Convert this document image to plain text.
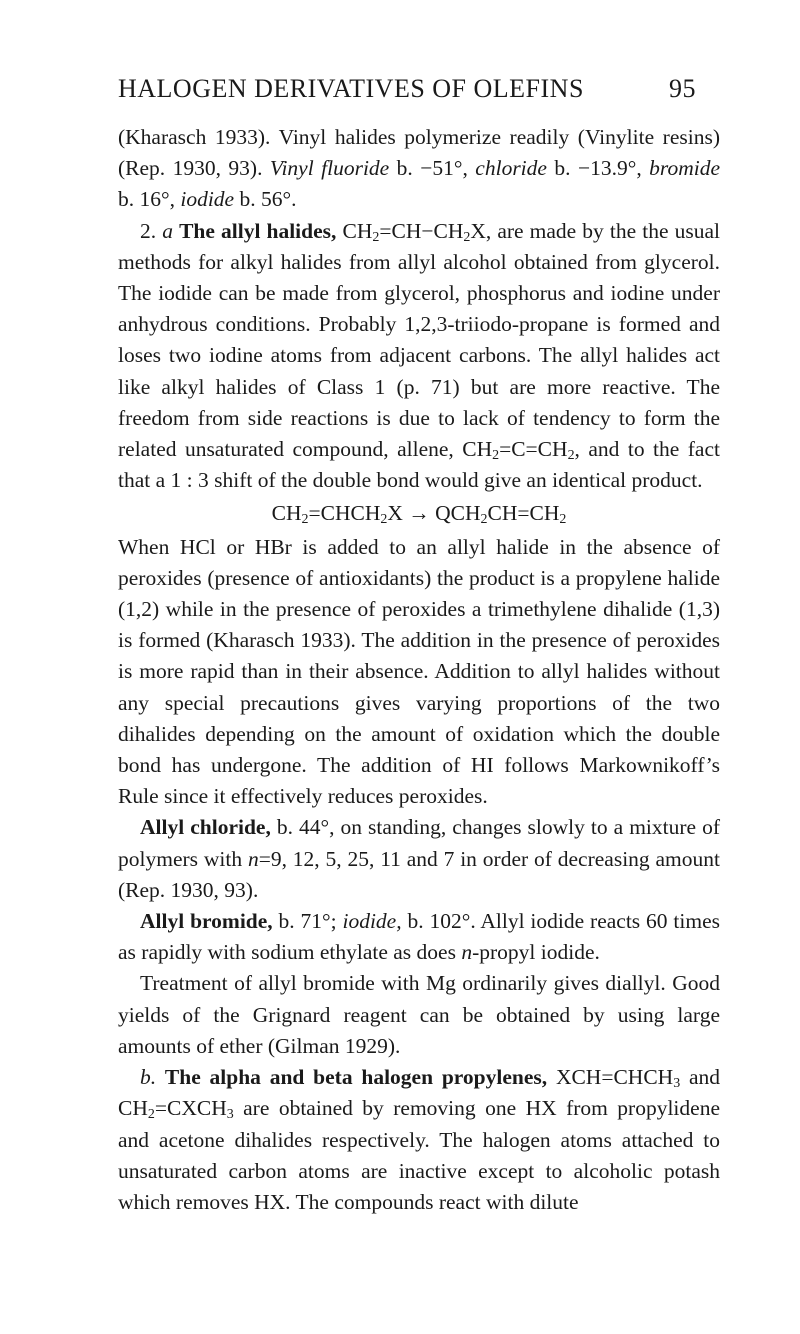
HALOGEN DERIVATIVES OF OLEFINS	95

(Kharasch 1933). Vinyl halides polymerize readily (Vinylite resins) (Rep. 1930, 93). Vinyl fluoride b. −51°, chloride b. −13.9°, bromide b. 16°, iodide b. 56°.

2. a The allyl halides, $CH_2=CH-CH_2X$, are made by the the usual methods for alkyl halides from allyl alcohol obtained from glycerol. The iodide can be made from glycerol, phosphorus and iodine under anhydrous conditions. Probably 1,2,3-triiodo-propane is formed and loses two iodine atoms from adjacent carbons. The allyl halides act like alkyl halides of Class 1 (p. 71) but are more reactive. The freedom from side reactions is due to lack of tendency to form the related unsaturated compound, allene, $CH_2=C=CH_2$, and to the fact that a 1 : 3 shift of the double bond would give an identical product.

$CH_2=CHCH_2X \to QCH_2CH=CH_2$

When HCl or HBr is added to an allyl halide in the absence of peroxides (presence of antioxidants) the product is a propylene halide (1,2) while in the presence of peroxides a trimethylene dihalide (1,3) is formed (Kharasch 1933). The addition in the presence of peroxides is more rapid than in their absence. Addition to allyl halides without any special precautions gives varying proportions of the two dihalides depending on the amount of oxidation which the double bond has undergone. The addition of HI follows Markownikoff’s Rule since it effectively reduces peroxides.

Allyl chloride, b. 44°, on standing, changes slowly to a mixture of polymers with n=9, 12, 5, 25, 11 and 7 in order of decreasing amount (Rep. 1930, 93).

Allyl bromide, b. 71°; iodide, b. 102°. Allyl iodide reacts 60 times as rapidly with sodium ethylate as does n-propyl iodide.

Treatment of allyl bromide with Mg ordinarily gives diallyl. Good yields of the Grignard reagent can be obtained by using large amounts of ether (Gilman 1929).

b. The alpha and beta halogen propylenes, $XCH=CHCH_3$ and $CH_2=CXCH_3$ are obtained by removing one HX from propylidene and acetone dihalides respectively. The halogen atoms attached to unsaturated carbon atoms are inactive except to alcoholic potash which removes HX. The compounds react with dilute
